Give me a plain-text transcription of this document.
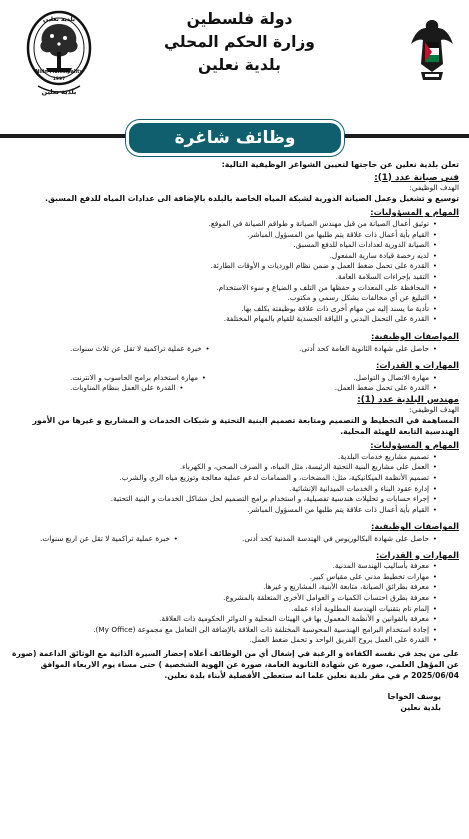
دولة فلسطين
وزارة الحكم المحلي
بلدية نعلين
بلدية نعلين
Nilin Municipality
1997
بلدية نعلين
وظائف شاغرة
تعلن بلدية نعلين عن حاجتها لتعيين الشواغر الوظيفية التالية:
فني صيانة عدد (1):
الهدف الوظيفي:
توسيع و تشغيل وعمل الصيانة الدورية لشبكة المياه الخاصة بالبلدة بالإضافة الى عدادات المياه للدفع المسبق.
المهام و المسؤوليات:
• توثيق أعمال الصيانة من قبل مهندس الصيانة و طواقم الصيانة في الموقع.
• القيام بأية أعمال ذات علاقة يتم طلبها من المسؤول المباشر.
• الصيانة الدورية لعدادات المياه للدفع المسبق.
• لديه رخصة قيادة سارية المفعول.
• القدرة على تحمل ضغط العمل و ضمن نظام الورديات و الأوقات الطارئة.
• التقيد بإجراءات السلامة العامة.
• المحافظة على المعدات و حفظها من التلف و الضياع و سوء الاستخدام.
• التبليغ عن أي مخالفات بشكل رسمي و مكتوب.
• تأدية ما يسند إليه من مهام أخرى ذات علاقة بوظيفته يكلف بها.
• القدرة على التحمل البدني و اللياقة الجسدية للقيام بالمهام المختلفة.
المواصفات الوظيفية:
• حاصل على شهادة الثانوية العامة كحد أدنى.
• خبرة عملية تراكمية لا تقل عن ثلاث سنوات.
المهارات و القدرات:
• مهارة الاتصال و التواصل.
• مهارة استخدام برامج الحاسوب و الانترنت.
• القدرة على تحمل ضغط العمل.
• القدرة على العمل بنظام المناوبات.
مهندس البلدية عدد (1):
الهدف الوظيفي:
المساهمة في التخطيط و التصميم ومتابعة تصميم البنية التحتية و شبكات الخدمات و المشاريع و غيرها من الأمور الهندسية التابعة للهيئة المحلية.
المهام و المسؤوليات:
• تصميم مشاريع خدمات البلدية.
• العمل على مشاريع البنية التحتية الرئيسة، مثل المياه، و الصرف الصحي، و الكهرباء.
• تصميم الأنظمة الميكانيكية، مثل: المضخات، و الصمامات لدعم عملية معالجة وتوزيع مياه الري والشرب.
• إدارة عقود البناء و الخدمات الميدانية الإنشائية.
• إجراء حسابات و تحليلات هندسية تفصيلية، و استخدام برامج التصميم لحل مشاكل الخدمات و البنية التحتية.
• القيام بأية أعمال ذات علاقة يتم طلبها من المسؤول المباشر.
المواصفات الوظيفية:
• حاصل على شهادة البكالوريوس في الهندسة المدنية كحد أدنى.
• خبرة عملية تراكمية لا تقل عن اربع سنوات.
المهارات و القدرات:
• معرفة بأساليب الهندسة المدنية.
• مهارات تخطيط مدني على مقياس كبير.
• معرفة بطرائق الصيانة، متابعة الأبنية، المشاريع و غيرها.
• معرفة بطرق احتساب الكميات و العوامل الأخرى المتعلقة بالمشروع.
• إلمام تام بتقنيات الهندسة المطلوبة أداء عمله.
• معرفة بالقوانين و الأنظمة المعمول بها في الهيئات المحلية و الدوائر الحكومية ذات العلاقة.
• إجادة استخدام البرامج الهندسية المحوسبة المختلفة ذات العلاقة بالإضافة الى التعامل مع مجموعة (My Office).
• القدرة على العمل بروح الفريق الواحد و تحمل ضغط العمل.
على من يجد في نفسه الكفاءة و الرغبة في إشغال أي من الوظائف أعلاه إحضار السيرة الذاتية مع الوثائق الداعمة (صورة عن المؤهل العلمي، صورة عن شهادة الثانوية العامة، صورة عن الهوية الشخصية ) حتى مساء يوم الاربعاء الموافق 2025/06/04 م في مقر بلدية نعلين علما انه ستعطى الأفضلية لأبناء بلدة نعلين.
يوسف الخواجا
بلدية نعلين
